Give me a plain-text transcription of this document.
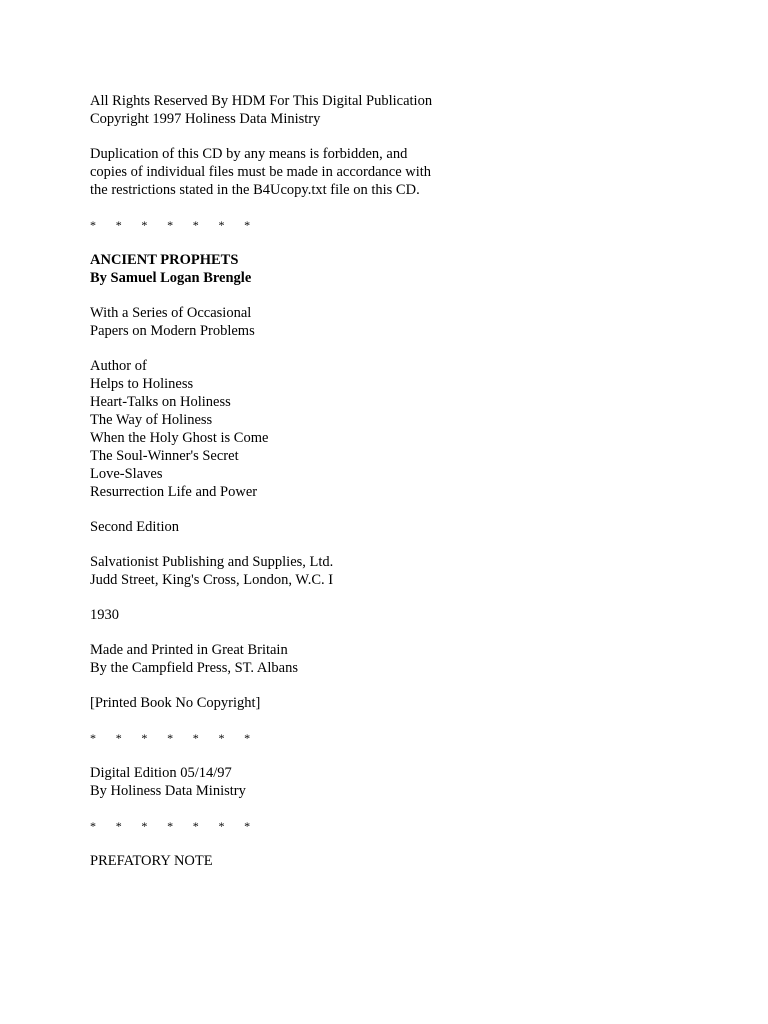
All Rights Reserved By HDM For This Digital Publication
Copyright 1997 Holiness Data Ministry
Duplication of this CD by any means is forbidden, and
copies of individual files must be made in accordance with
the restrictions stated in the B4Ucopy.txt file on this CD.
*	*	*	*	*	*	*
ANCIENT PROPHETS
By Samuel Logan Brengle
With a Series of Occasional
Papers on Modern Problems
Author of
Helps to Holiness
Heart-Talks on Holiness
The Way of Holiness
When the Holy Ghost is Come
The Soul-Winner's Secret
Love-Slaves
Resurrection Life and Power
Second Edition
Salvationist Publishing and Supplies, Ltd.
Judd Street, King's Cross, London, W.C. I
1930
Made and Printed in Great Britain
By the Campfield Press, ST. Albans
[Printed Book No Copyright]
*	*	*	*	*	*	*
Digital Edition 05/14/97
By Holiness Data Ministry
*	*	*	*	*	*	*
PREFATORY NOTE
